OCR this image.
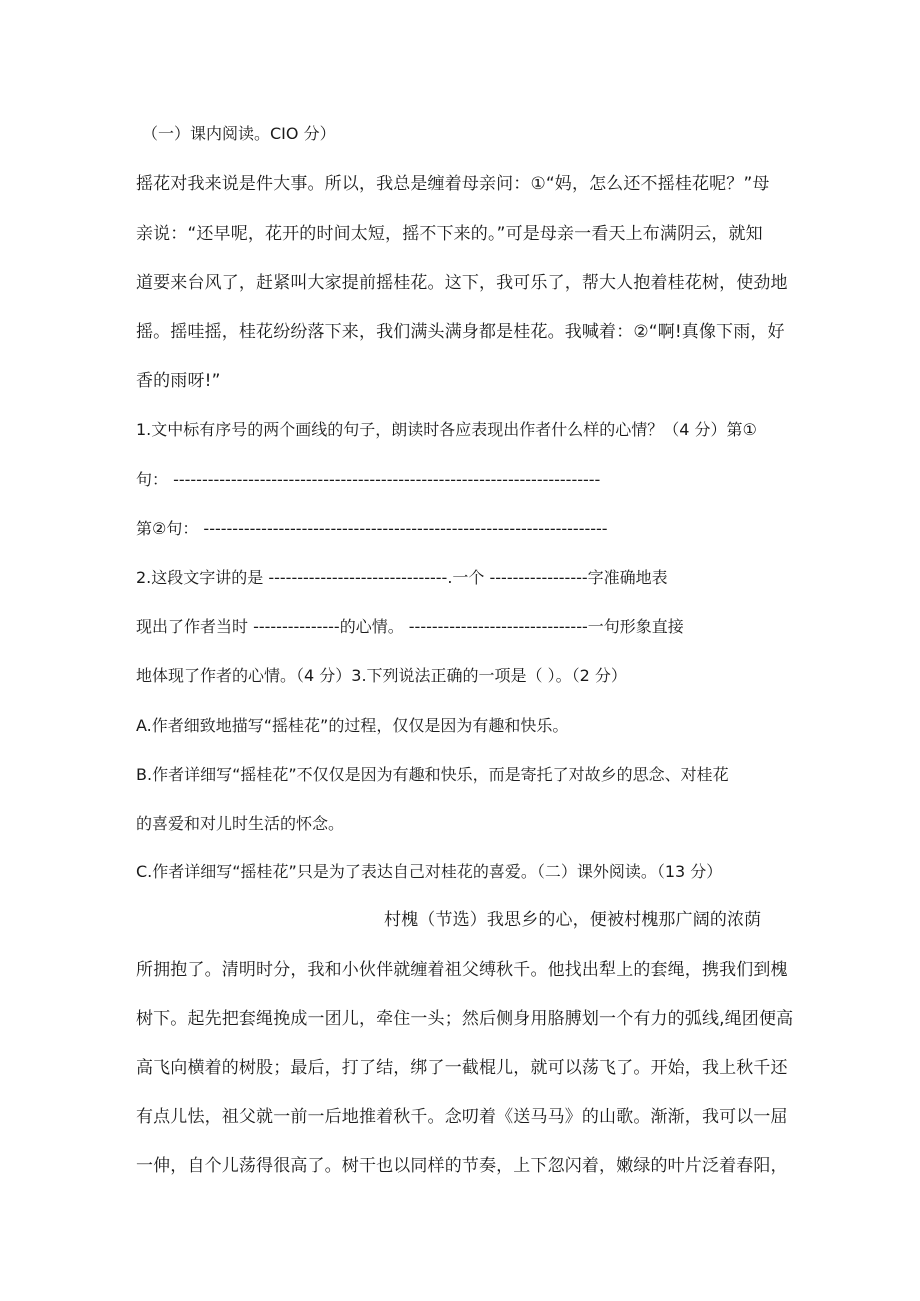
（一）课内阅读。CIO 分）
摇花对我来说是件大事。所以，我总是缠着母亲问：①“妈，怎么还不摇桂花呢？”母
亲说：“还早呢，花开的时间太短，摇不下来的。”可是母亲一看天上布满阴云，就知
道要来台风了，赶紧叫大家提前摇桂花。这下，我可乐了，帮大人抱着桂花树，使劲地
摇。摇哇摇，桂花纷纷落下来，我们满头满身都是桂花。我喊着：②“啊!真像下雨，好
香的雨呀!”
1.文中标有序号的两个画线的句子，朗读时各应表现出作者什么样的心情？（4 分）第①
句： --------------------------------------------------------------------------
第②句： ----------------------------------------------------------------------
2.这段文字讲的是 -------------------------------.一个 -----------------字准确地表
现出了作者当时 ---------------的心情。 -------------------------------一句形象直接
地体现了作者的心情。（4 分）3.下列说法正确的一项是（ ）。（2 分）
A.作者细致地描写“摇桂花”的过程，仅仅是因为有趣和快乐。
B.作者详细写“摇桂花”不仅仅是因为有趣和快乐，而是寄托了对故乡的思念、对桂花
的喜爱和对儿时生活的怀念。
C.作者详细写“摇桂花”只是为了表达自己对桂花的喜爱。（二）课外阅读。（13 分）
村槐（节选）我思乡的心，便被村槐那广阔的浓荫
所拥抱了。清明时分，我和小伙伴就缠着祖父缚秋千。他找出犁上的套绳，携我们到槐
树下。起先把套绳挽成一团儿，牵住一头；然后侧身用胳膊划一个有力的弧线,绳团便高
高飞向横着的树股；最后，打了结，绑了一截棍儿，就可以荡飞了。开始，我上秋千还
有点儿怯，祖父就一前一后地推着秋千。念叨着《送马马》的山歌。渐渐，我可以一屈
一伸，自个儿荡得很高了。树干也以同样的节奏，上下忽闪着，嫩绿的叶片泛着春阳，
